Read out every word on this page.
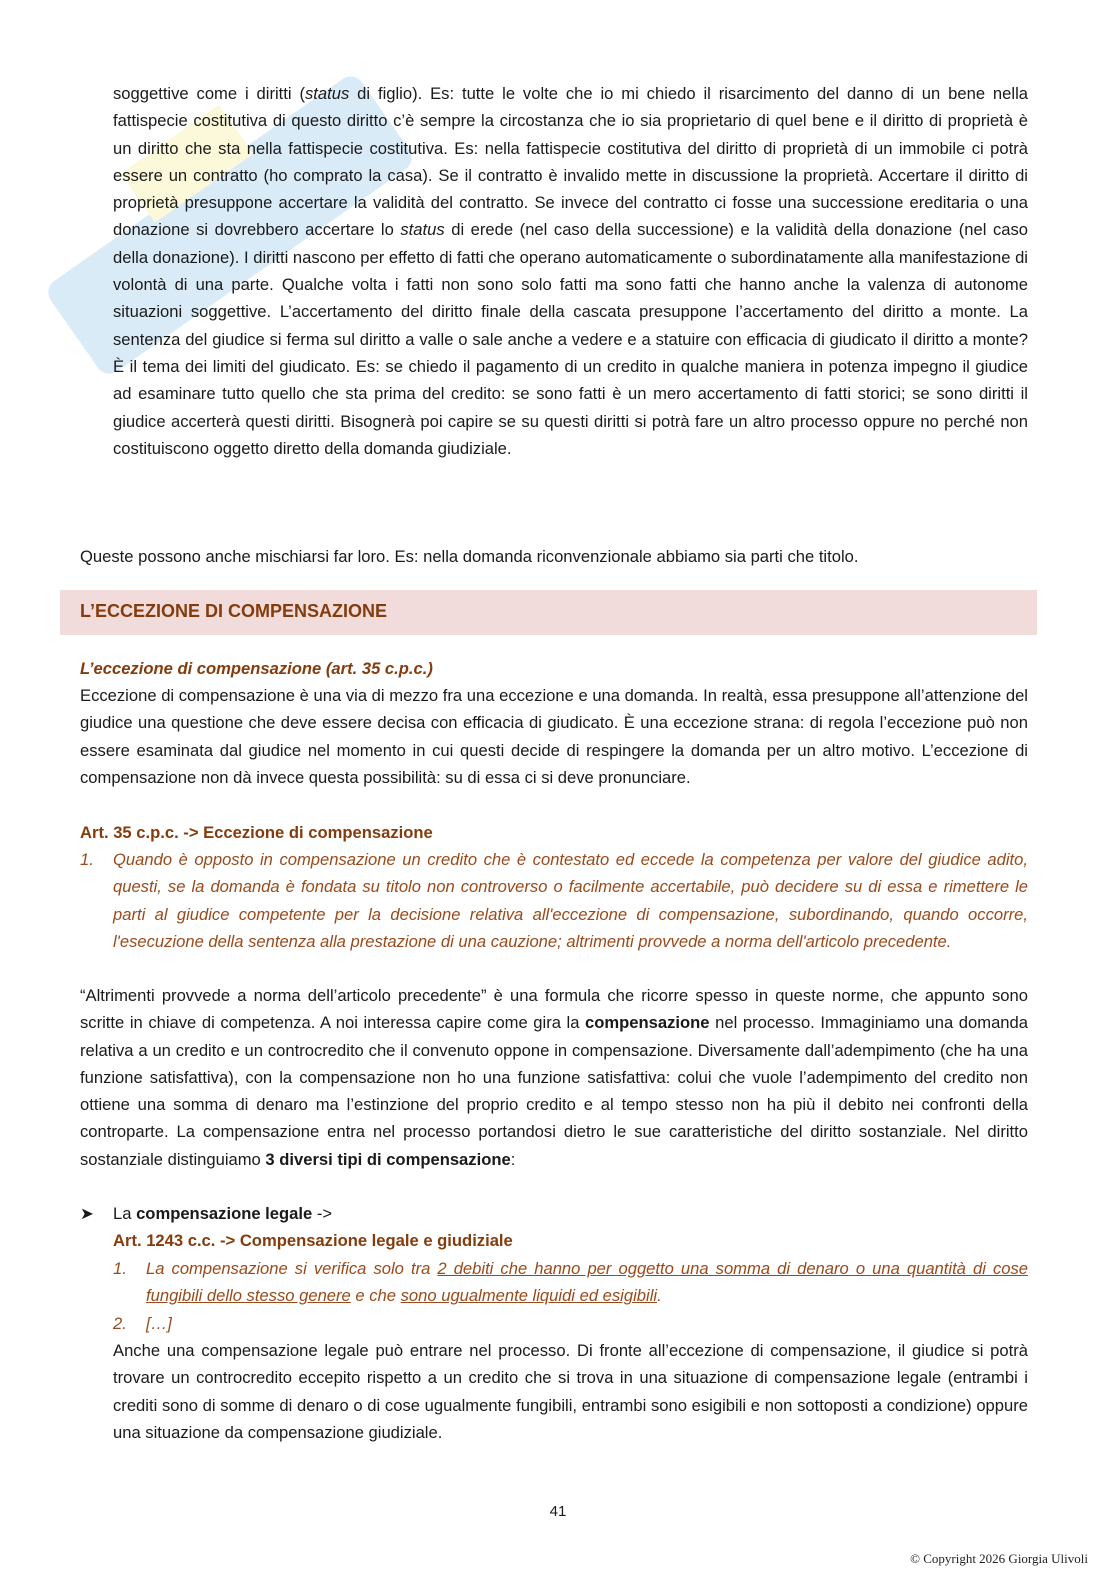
soggettive come i diritti (status di figlio). Es: tutte le volte che io mi chiedo il risarcimento del danno di un bene nella fattispecie costitutiva di questo diritto c’è sempre la circostanza che io sia proprietario di quel bene e il diritto di proprietà è un diritto che sta nella fattispecie costitutiva. Es: nella fattispecie costitutiva del diritto di proprietà di un immobile ci potrà essere un contratto (ho comprato la casa). Se il contratto è invalido mette in discussione la proprietà. Accertare il diritto di proprietà presuppone accertare la validità del contratto. Se invece del contratto ci fosse una successione ereditaria o una donazione si dovrebbero accertare lo status di erede (nel caso della successione) e la validità della donazione (nel caso della donazione). I diritti nascono per effetto di fatti che operano automaticamente o subordinatamente alla manifestazione di volontà di una parte. Qualche volta i fatti non sono solo fatti ma sono fatti che hanno anche la valenza di autonome situazioni soggettive. L’accertamento del diritto finale della cascata presuppone l’accertamento del diritto a monte. La sentenza del giudice si ferma sul diritto a valle o sale anche a vedere e a statuire con efficacia di giudicato il diritto a monte? È il tema dei limiti del giudicato. Es: se chiedo il pagamento di un credito in qualche maniera in potenza impegno il giudice ad esaminare tutto quello che sta prima del credito: se sono fatti è un mero accertamento di fatti storici; se sono diritti il giudice accerterà questi diritti. Bisognerà poi capire se su questi diritti si potrà fare un altro processo oppure no perché non costituiscono oggetto diretto della domanda giudiziale.
Queste possono anche mischiarsi far loro. Es: nella domanda riconvenzionale abbiamo sia parti che titolo.
L’ECCEZIONE DI COMPENSAZIONE
L’eccezione di compensazione (art. 35 c.p.c.)
Eccezione di compensazione è una via di mezzo fra una eccezione e una domanda. In realtà, essa presuppone all’attenzione del giudice una questione che deve essere decisa con efficacia di giudicato. È una eccezione strana: di regola l’eccezione può non essere esaminata dal giudice nel momento in cui questi decide di respingere la domanda per un altro motivo. L’eccezione di compensazione non dà invece questa possibilità: su di essa ci si deve pronunciare.
Art. 35 c.p.c. -> Eccezione di compensazione
1.	Quando è opposto in compensazione un credito che è contestato ed eccede la competenza per valore del giudice adito, questi, se la domanda è fondata su titolo non controverso o facilmente accertabile, può decidere su di essa e rimettere le parti al giudice competente per la decisione relativa all'eccezione di compensazione, subordinando, quando occorre, l'esecuzione della sentenza alla prestazione di una cauzione; altrimenti provvede a norma dell'articolo precedente.
“Altrimenti provvede a norma dell’articolo precedente” è una formula che ricorre spesso in queste norme, che appunto sono scritte in chiave di competenza. A noi interessa capire come gira la compensazione nel processo. Immaginiamo una domanda relativa a un credito e un controcredito che il convenuto oppone in compensazione. Diversamente dall’adempimento (che ha una funzione satisfattiva), con la compensazione non ho una funzione satisfattiva: colui che vuole l’adempimento del credito non ottiene una somma di denaro ma l’estinzione del proprio credito e al tempo stesso non ha più il debito nei confronti della controparte. La compensazione entra nel processo portandosi dietro le sue caratteristiche del diritto sostanziale. Nel diritto sostanziale distinguiamo 3 diversi tipi di compensazione:
➤	La compensazione legale ->
Art. 1243 c.c. -> Compensazione legale e giudiziale
1.	La compensazione si verifica solo tra 2 debiti che hanno per oggetto una somma di denaro o una quantità di cose fungibili dello stesso genere e che sono ugualmente liquidi ed esigibili.
2.	[…]
Anche una compensazione legale può entrare nel processo. Di fronte all’eccezione di compensazione, il giudice si potrà trovare un controcredito eccepito rispetto a un credito che si trova in una situazione di compensazione legale (entrambi i crediti sono di somme di denaro o di cose ugualmente fungibili, entrambi sono esigibili e non sottoposti a condizione) oppure una situazione da compensazione giudiziale.
41
© Copyright 2026 Giorgia Ulivoli
